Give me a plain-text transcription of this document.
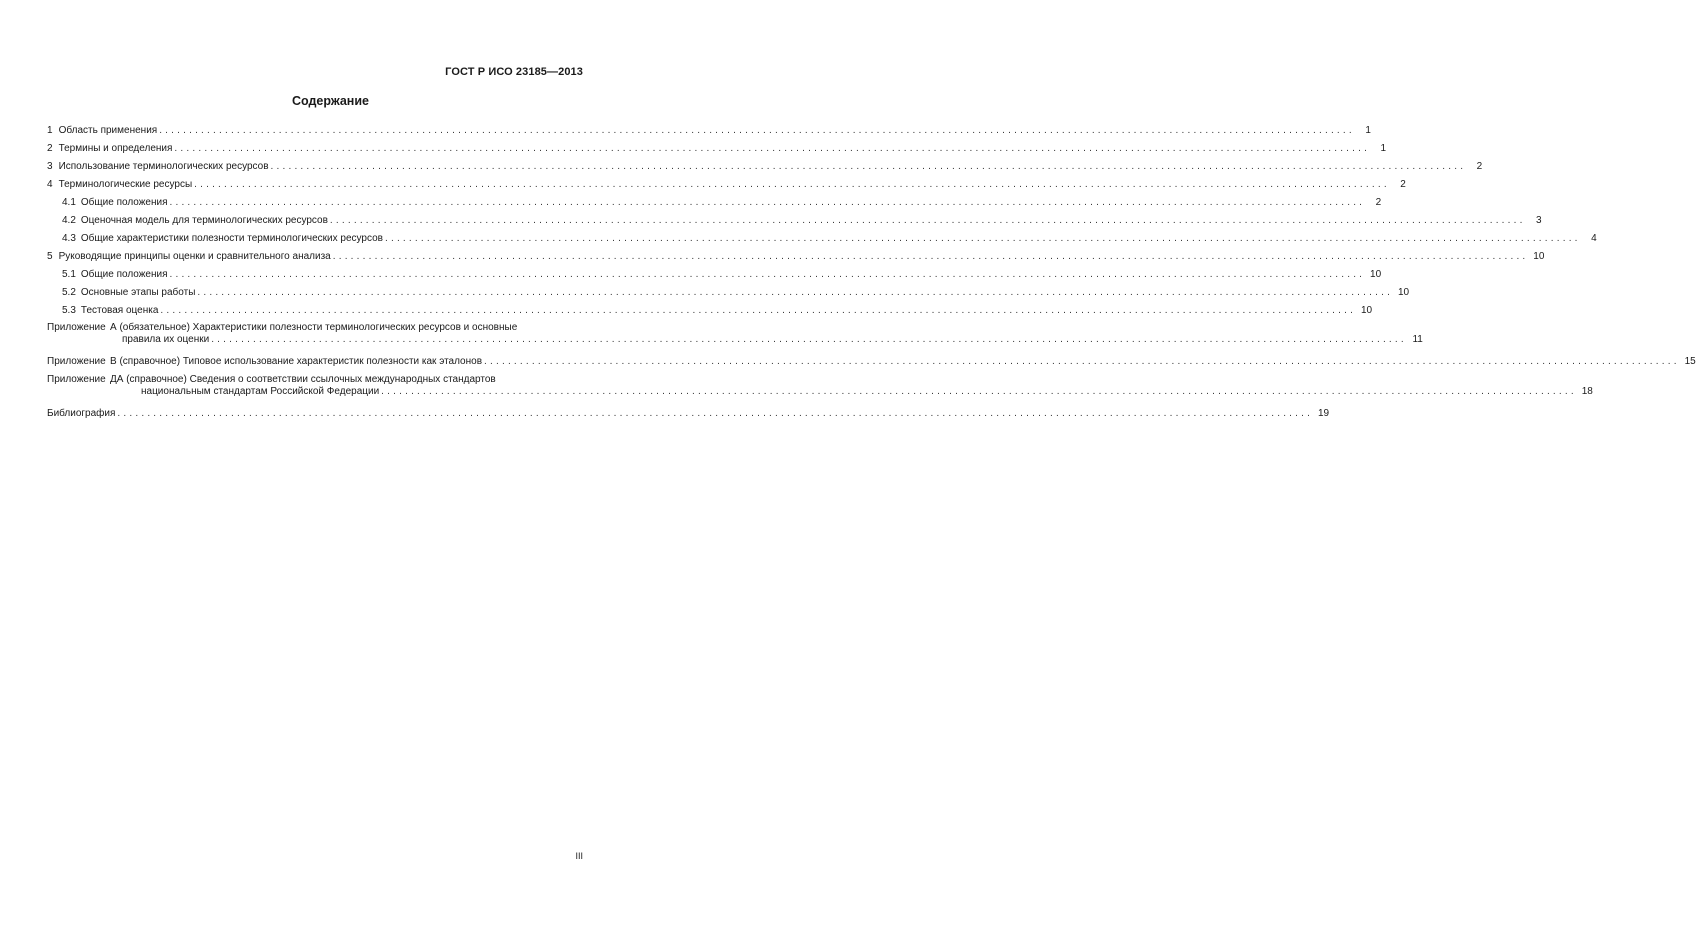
ГОСТ Р ИСО 23185—2013
Содержание
1 Область применения ........................................................................................................................................................................................................	1
2 Термины и определения ........................................................................................................................................................................................................	1
3 Использование терминологических ресурсов ........................................................................................................................................................................................................	2
4 Терминологические ресурсы ........................................................................................................................................................................................................	2
4.1 Общие положения ........................................................................................................................................................................................................	2
4.2 Оценочная модель для терминологических ресурсов ........................................................................................................................................................................................................	3
4.3 Общие характеристики полезности терминологических ресурсов ........................................................................................................................................................................................................	4
5 Руководящие принципы оценки и сравнительного анализа ........................................................................................................................................................................................................ 10
5.1 Общие положения ........................................................................................................................................................................................................ 10
5.2 Основные этапы работы ........................................................................................................................................................................................................ 10
5.3 Тестовая оценка ........................................................................................................................................................................................................ 10
Приложение А (обязательное) Характеристики полезности терминологических ресурсов и основные
правила их оценки ........................................................................................................................................................................................................ 11
Приложение В (справочное) Типовое использование характеристик полезности как эталонов ........................................................................................................................................................................................................ 15
Приложение ДА (справочное) Сведения о соответствии ссылочных международных стандартов
национальным стандартам Российской Федерации ........................................................................................................................................................................................................ 18
Библиография ........................................................................................................................................................................................................ 19
III
